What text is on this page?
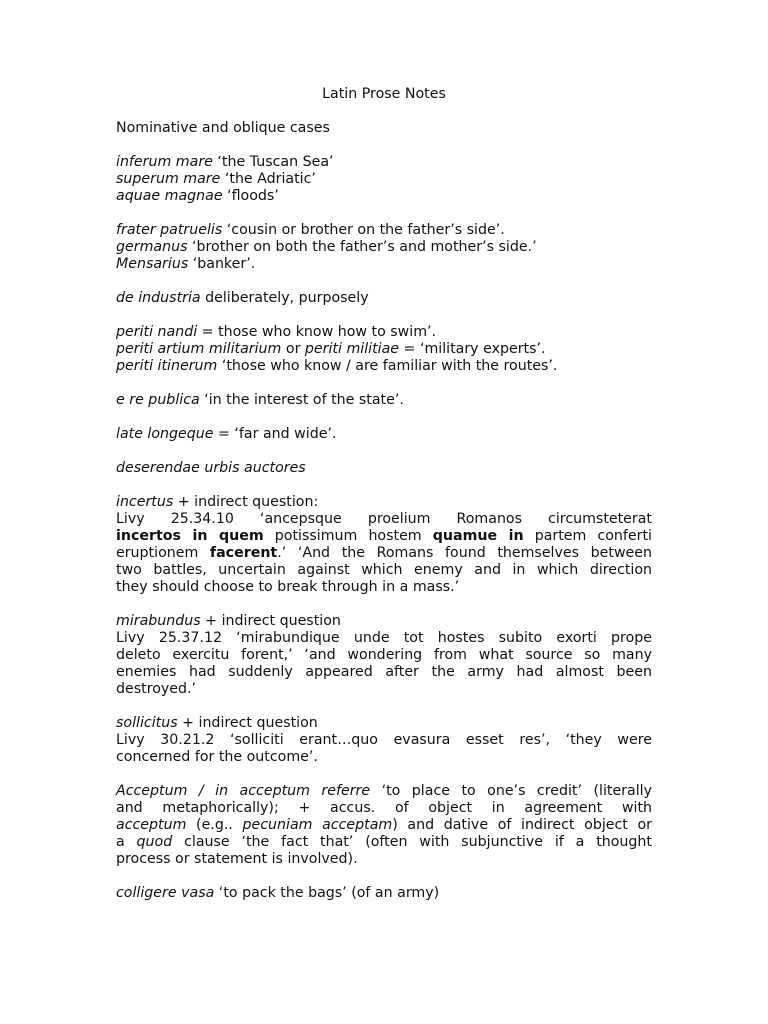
Latin Prose Notes
Nominative and oblique cases
inferum mare ‘the Tuscan Sea’
superum mare ‘the Adriatic’
aquae magnae ‘floods’
frater patruelis ‘cousin or brother on the father’s side’.
germanus ‘brother on both the father’s and mother’s side.’
Mensarius ‘banker’.
de industria deliberately, purposely
periti nandi = those who know how to swim’.
periti artium militarium or periti militiae = ‘military experts’.
periti itinerum ‘those who know / are familiar with the routes’.
e re publica ‘in the interest of the state’.
late longeque = ‘far and wide’.
deserendae urbis auctores
incertus + indirect question:
Livy 25.34.10 ‘ancepsque proelium Romanos circumsteterat
incertos in quem potissimum hostem quamue in partem conferti
eruptionem facerent.’ ‘And the Romans found themselves between
two battles, uncertain against which enemy and in which direction
they should choose to break through in a mass.’
mirabundus + indirect question
Livy 25.37.12 ‘mirabundique unde tot hostes subito exorti prope
deleto exercitu forent,’ ‘and wondering from what source so many
enemies had suddenly appeared after the army had almost been
destroyed.’
sollicitus + indirect question
Livy 30.21.2 ‘solliciti erant…quo evasura esset res’, ‘they were
concerned for the outcome’.
Acceptum / in acceptum referre ‘to place to one’s credit’ (literally
and metaphorically); + accus. of object in agreement with
acceptum (e.g.. pecuniam acceptam) and dative of indirect object or
a quod clause ‘the fact that’ (often with subjunctive if a thought
process or statement is involved).
colligere vasa ‘to pack the bags’ (of an army)
